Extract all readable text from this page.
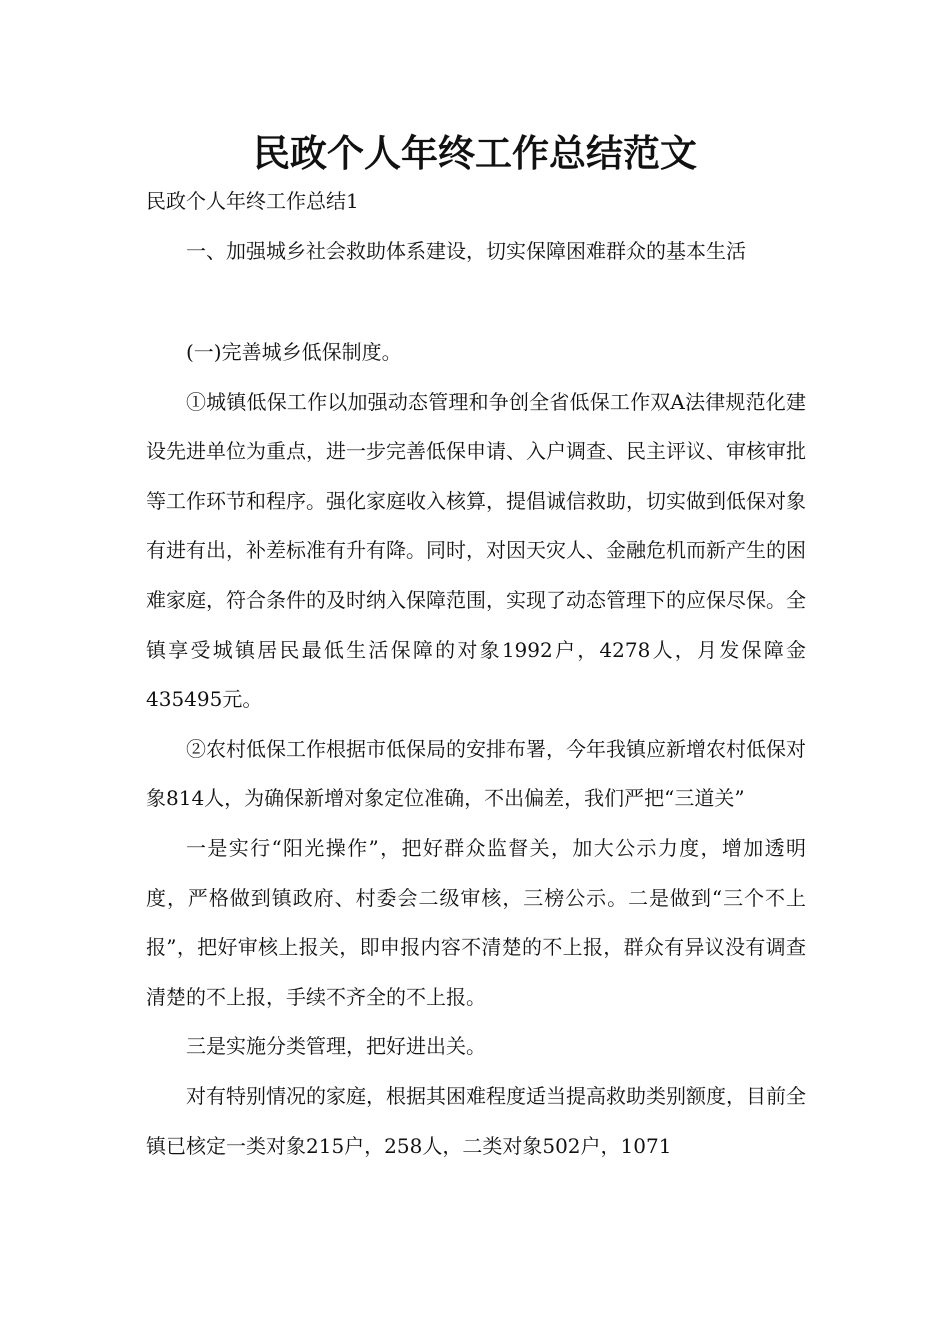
民政个人年终工作总结范文
民政个人年终工作总结1
一、加强城乡社会救助体系建设，切实保障困难群众的基本生活

(一)完善城乡低保制度。

①城镇低保工作以加强动态管理和争创全省低保工作双A法律规范化建设先进单位为重点，进一步完善低保申请、入户调查、民主评议、审核审批等工作环节和程序。强化家庭收入核算，提倡诚信救助，切实做到低保对象有进有出，补差标准有升有降。同时，对因天灾人、金融危机而新产生的困难家庭，符合条件的及时纳入保障范围，实现了动态管理下的应保尽保。全镇享受城镇居民最低生活保障的对象1992户，4278人，月发保障金435495元。

②农村低保工作根据市低保局的安排布署，今年我镇应新增农村低保对象814人，为确保新增对象定位准确，不出偏差，我们严把“三道关”

一是实行“阳光操作”，把好群众监督关，加大公示力度，增加透明度，严格做到镇政府、村委会二级审核，三榜公示。二是做到“三个不上报”，把好审核上报关，即申报内容不清楚的不上报，群众有异议没有调查清楚的不上报，手续不齐全的不上报。

三是实施分类管理，把好进出关。

对有特别情况的家庭，根据其困难程度适当提高救助类别额度，目前全镇已核定一类对象215户，258人，二类对象502户，1071
